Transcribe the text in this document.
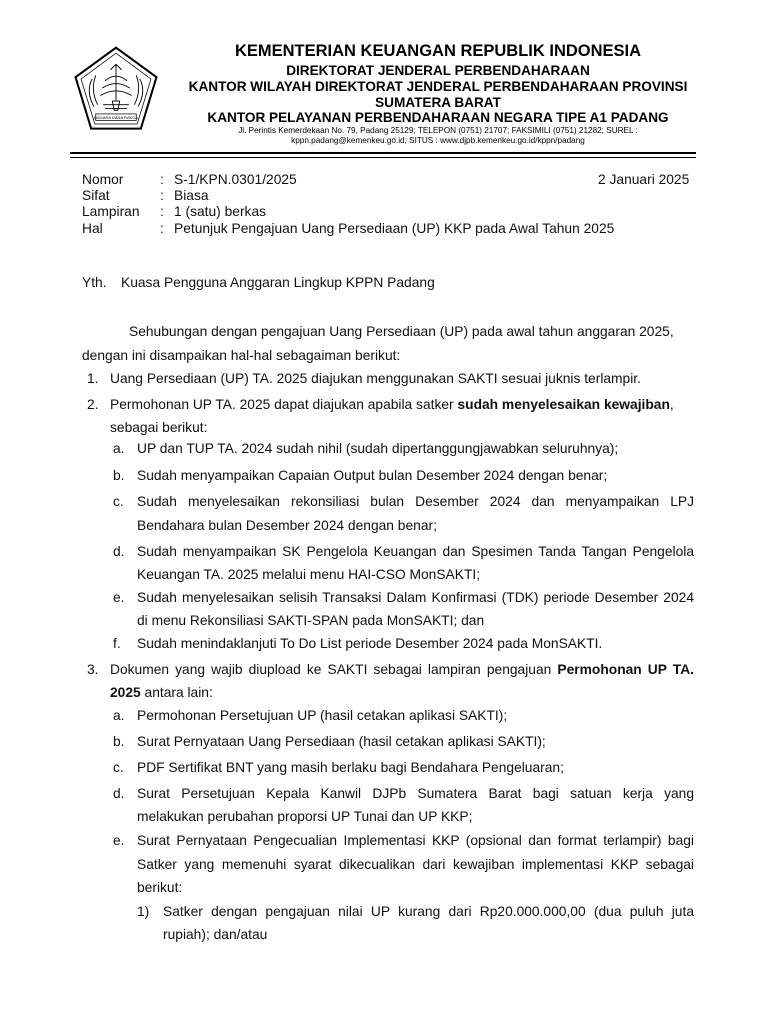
NAGARA DANA RAKCA
KEMENTERIAN KEUANGAN REPUBLIK INDONESIA
DIREKTORAT JENDERAL PERBENDAHARAAN
KANTOR WILAYAH DIREKTORAT JENDERAL PERBENDAHARAAN PROVINSI
SUMATERA BARAT
KANTOR PELAYANAN PERBENDAHARAAN NEGARA TIPE A1 PADANG
Jl. Perintis Kemerdekaan No. 79, Padang 25129; TELEPON (0751) 21707; FAKSIMILI (0751) 21282; SUREL :
kppn.padang@kemenkeu.go.id; SITUS : www.djpb.kemenkeu.go.id/kppn/padang
Nomor	: S-1/KPN.0301/2025	2 Januari 2025
Sifat	: Biasa
Lampiran : 1 (satu) berkas
Hal	: Petunjuk Pengajuan Uang Persediaan (UP) KKP pada Awal Tahun 2025
Yth. Kuasa Pengguna Anggaran Lingkup KPPN Padang
Sehubungan dengan pengajuan Uang Persediaan (UP) pada awal tahun anggaran 2025,
dengan ini disampaikan hal-hal sebagaiman berikut:
1. Uang Persediaan (UP) TA. 2025 diajukan menggunakan SAKTI sesuai juknis terlampir.
2. Permohonan UP TA. 2025 dapat diajukan apabila satker sudah menyelesaikan kewajiban,
sebagai berikut:
a. UP dan TUP TA. 2024 sudah nihil (sudah dipertanggungjawabkan seluruhnya);
b. Sudah menyampaikan Capaian Output bulan Desember 2024 dengan benar;
c. Sudah menyelesaikan rekonsiliasi bulan Desember 2024 dan menyampaikan LPJ
Bendahara bulan Desember 2024 dengan benar;
d. Sudah menyampaikan SK Pengelola Keuangan dan Spesimen Tanda Tangan Pengelola
Keuangan TA. 2025 melalui menu HAI-CSO MonSAKTI;
e. Sudah menyelesaikan selisih Transaksi Dalam Konfirmasi (TDK) periode Desember 2024
di menu Rekonsiliasi SAKTI-SPAN pada MonSAKTI; dan
f. Sudah menindaklanjuti To Do List periode Desember 2024 pada MonSAKTI.
3. Dokumen yang wajib diupload ke SAKTI sebagai lampiran pengajuan Permohonan UP TA.
2025 antara lain:
a. Permohonan Persetujuan UP (hasil cetakan aplikasi SAKTI);
b. Surat Pernyataan Uang Persediaan (hasil cetakan aplikasi SAKTI);
c. PDF Sertifikat BNT yang masih berlaku bagi Bendahara Pengeluaran;
d. Surat Persetujuan Kepala Kanwil DJPb Sumatera Barat bagi satuan kerja yang
melakukan perubahan proporsi UP Tunai dan UP KKP;
e. Surat Pernyataan Pengecualian Implementasi KKP (opsional dan format terlampir) bagi
Satker yang memenuhi syarat dikecualikan dari kewajiban implementasi KKP sebagai
berikut:
1) Satker dengan pengajuan nilai UP kurang dari Rp20.000.000,00 (dua puluh juta
rupiah); dan/atau
